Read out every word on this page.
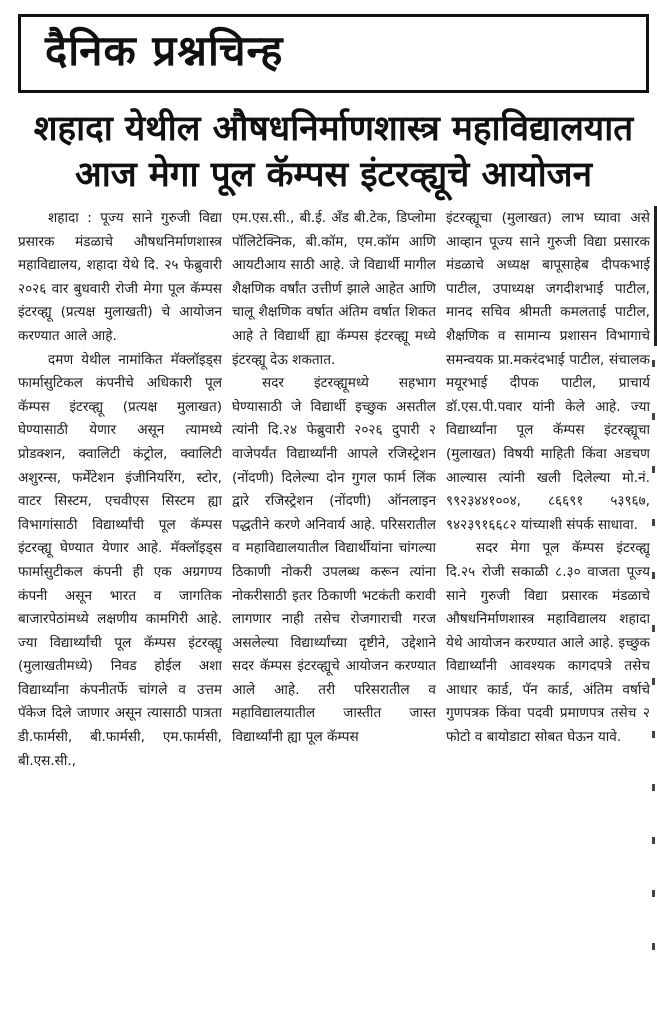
दैनिक प्रश्नचिन्ह
शहादा येथील औषधनिर्माणशास्त्र महाविद्यालयात
आज मेगा पूल कॅम्पस इंटरव्ह्यूचे आयोजन

शहादा : पूज्य साने गुरुजी विद्या प्रसारक मंडळाचे औषधनिर्माणशास्त्र महाविद्यालय, शहादा येथे दि. २५ फेब्रुवारी २०२६ वार बुधवारी रोजी मेगा पूल कॅम्पस इंटरव्ह्यू (प्रत्यक्ष मुलाखती) चे आयोजन करण्यात आले आहे.

दमण येथील नामांकित मॅक्लॉइड्स फार्मासुटिकल कंपनीचे अधिकारी पूल कॅम्पस इंटरव्ह्यू (प्रत्यक्ष मुलाखत) घेण्यासाठी येणार असून त्यामध्ये प्रोडक्शन, क्वालिटी कंट्रोल, क्वालिटी अशुरन्स, फर्मेंटेशन इंजीनियरिंग, स्टोर, वाटर सिस्टम, एचवीएस सिस्टम ह्या विभागांसाठी विद्यार्थ्यांची पूल कॅम्पस इंटरव्ह्यू घेण्यात येणार आहे. मॅक्लॉइड्स फार्मासुटीकल कंपनी ही एक अग्रगण्य कंपनी असून भारत व जागतिक बाजारपेठांमध्ये लक्षणीय कामगिरी आहे. ज्या विद्यार्थ्यांची पूल कॅम्पस इंटरव्ह्यू (मुलाखतीमध्ये) निवड होईल अशा विद्यार्थ्यांना कंपनीतर्फे चांगले व उत्तम पॅकेज दिले जाणार असून त्यासाठी पात्रता डी.फार्मसी, बी.फार्मसी, एम.फार्मसी, बी.एस.सी.,

एम.एस.सी., बी.ई. अँड बी.टेक, डिप्लोमा पॉलिटेक्निक, बी.कॉम, एम.कॉम आणि आयटीआय साठी आहे. जे विद्यार्थी मागील शैक्षणिक वर्षांत उत्तीर्ण झाले आहेत आणि चालू शैक्षणिक वर्षात अंतिम वर्षात शिकत आहे ते विद्यार्थी ह्या कॅम्पस इंटरव्ह्यू मध्ये इंटरव्ह्यू देऊ शकतात.

सदर इंटरव्ह्यूमध्ये सहभाग घेण्यासाठी जे विद्यार्थी इच्छुक असतील त्यांनी दि.२४ फेब्रुवारी २०२६ दुपारी २ वाजेपर्यंत विद्यार्थ्यांनी आपले रजिस्ट्रेशन (नोंदणी) दिलेल्या दोन गुगल फार्म लिंक द्वारे रजिस्ट्रेशन (नोंदणी) ऑनलाइन पद्धतीने करणे अनिवार्य आहे. परिसरातील व महाविद्यालयातील विद्यार्थीयांना चांगल्या ठिकाणी नोकरी उपलब्ध करून त्यांना नोकरीसाठी इतर ठिकाणी भटकंती करावी लागणार नाही तसेच रोजगाराची गरज असलेल्या विद्यार्थ्यांच्या दृष्टीने, उद्देशाने सदर कॅम्पस इंटरव्ह्यूचे आयोजन करण्यात आले आहे. तरी परिसरातील व महाविद्यालयातील जास्तीत जास्त विद्यार्थ्यांनी ह्या पूल कॅम्पस

इंटरव्ह्यूचा (मुलाखत) लाभ घ्यावा असे आव्हान पूज्य साने गुरुजी विद्या प्रसारक मंडळाचे अध्यक्ष बापूसाहेब दीपकभाई पाटील, उपाध्यक्ष जगदीशभाई पाटील, मानद सचिव श्रीमती कमलताई पाटील, शैक्षणिक व सामान्य प्रशासन विभागाचे समन्वयक प्रा.मकरंदभाई पाटील, संचालक मयूरभाई दीपक पाटील, प्राचार्य डॉ.एस.पी.पवार यांनी केले आहे. ज्या विद्यार्थ्यांना पूल कॅम्पस इंटरव्ह्यूचा (मुलाखत) विषयी माहिती किंवा अडचण आल्यास त्यांनी खली दिलेल्या मो.नं. ९९२३४४१००४, ८६६९१ ५३९६७, ९४२३९१६६८२ यांच्याशी संपर्क साधावा.

सदर मेगा पूल कॅम्पस इंटरव्ह्यू दि.२५ रोजी सकाळी ८.३० वाजता पूज्य साने गुरुजी विद्या प्रसारक मंडळाचे औषधनिर्माणशास्त्र महाविद्यालय शहादा येथे आयोजन करण्यात आले आहे. इच्छुक विद्यार्थ्यांनी आवश्यक कागदपत्रे तसेच आधार कार्ड, पॅन कार्ड, अंतिम वर्षाचे गुणपत्रक किंवा पदवी प्रमाणपत्र तसेच २ फोटो व बायोडाटा सोबत घेऊन यावे.
